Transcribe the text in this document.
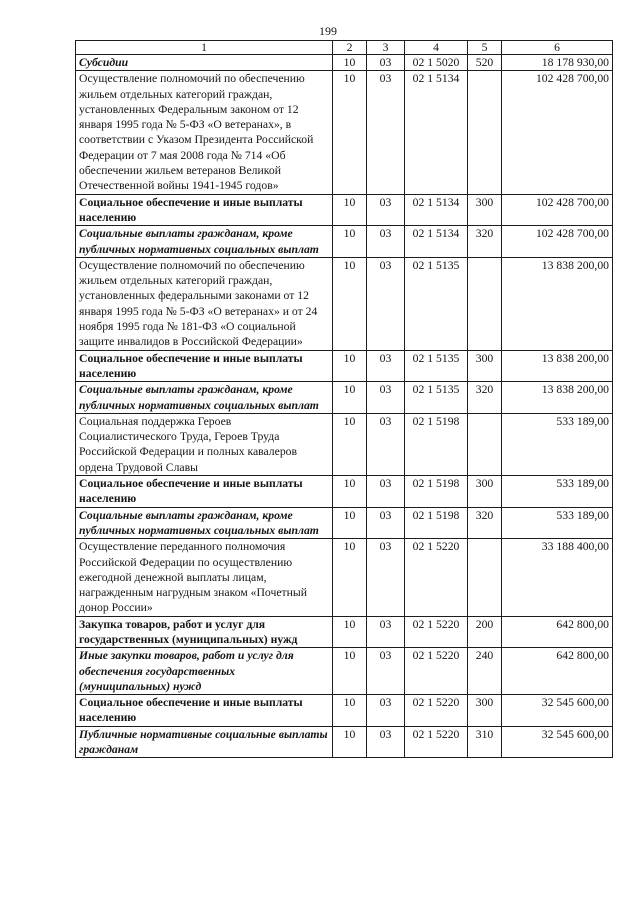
199
1	2	3	4	5	6
Субсидии	10	03	02 1 5020	520	18 178 930,00
Осуществление полномочий по обеспечению жильем отдельных категорий граждан, установленных Федеральным законом от 12 января 1995 года № 5-ФЗ «О ветеранах», в соответствии с Указом Президента Российской Федерации от 7 мая 2008 года № 714 «Об обеспечении жильем ветеранов Великой Отечественной войны 1941-1945 годов»	10	03	02 1 5134		102 428 700,00
Социальное обеспечение и иные выплаты населению	10	03	02 1 5134	300	102 428 700,00
Социальные выплаты гражданам, кроме публичных нормативных социальных выплат	10	03	02 1 5134	320	102 428 700,00
Осуществление полномочий по обеспечению жильем отдельных категорий граждан, установленных федеральными законами от 12 января 1995 года № 5-ФЗ «О ветеранах» и от 24 ноября 1995 года № 181-ФЗ «О социальной защите инвалидов в Российской Федерации»	10	03	02 1 5135		13 838 200,00
Социальное обеспечение и иные выплаты населению	10	03	02 1 5135	300	13 838 200,00
Социальные выплаты гражданам, кроме публичных нормативных социальных выплат	10	03	02 1 5135	320	13 838 200,00
Социальная поддержка Героев Социалистического Труда, Героев Труда Российской Федерации и полных кавалеров ордена Трудовой Славы	10	03	02 1 5198		533 189,00
Социальное обеспечение и иные выплаты населению	10	03	02 1 5198	300	533 189,00
Социальные выплаты гражданам, кроме публичных нормативных социальных выплат	10	03	02 1 5198	320	533 189,00
Осуществление переданного полномочия Российской Федерации по осуществлению ежегодной денежной выплаты лицам, награжденным нагрудным знаком «Почетный донор России»	10	03	02 1 5220		33 188 400,00
Закупка товаров, работ и услуг для государственных (муниципальных) нужд	10	03	02 1 5220	200	642 800,00
Иные закупки товаров, работ и услуг для обеспечения государственных (муниципальных) нужд	10	03	02 1 5220	240	642 800,00
Социальное обеспечение и иные выплаты населению	10	03	02 1 5220	300	32 545 600,00
Публичные нормативные социальные выплаты гражданам	10	03	02 1 5220	310	32 545 600,00
